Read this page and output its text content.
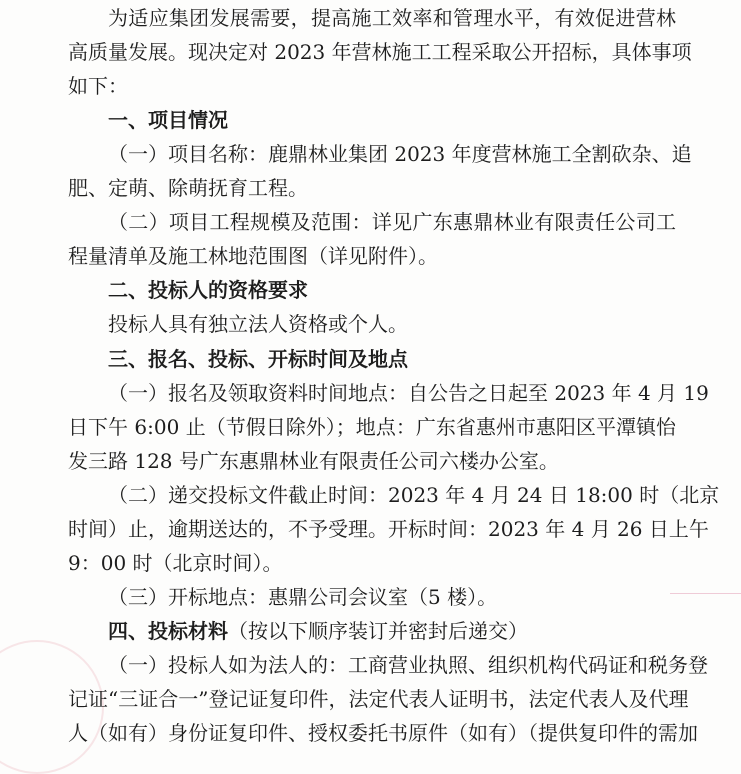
为适应集团发展需要，提高施工效率和管理水平，有效促进营林
高质量发展。现决定对 2023 年营林施工工程采取公开招标，具体事项
如下：
一、项目情况
（一）项目名称：鹿鼎林业集团 2023 年度营林施工全割砍杂、追
肥、定萌、除萌抚育工程。
（二）项目工程规模及范围：详见广东惠鼎林业有限责任公司工
程量清单及施工林地范围图（详见附件）。
二、投标人的资格要求
投标人具有独立法人资格或个人。
三、报名、投标、开标时间及地点
（一）报名及领取资料时间地点：自公告之日起至 2023 年 4 月 19
日下午 6:00 止（节假日除外）；地点：广东省惠州市惠阳区平潭镇怡
发三路 128 号广东惠鼎林业有限责任公司六楼办公室。
（二）递交投标文件截止时间：2023 年 4 月 24 日 18:00 时（北京
时间）止，逾期送达的，不予受理。开标时间：2023 年 4 月 26 日上午
9：00 时（北京时间）。
（三）开标地点：惠鼎公司会议室（5 楼）。
四、投标材料（按以下顺序装订并密封后递交）
（一）投标人如为法人的：工商营业执照、组织机构代码证和税务登
记证“三证合一”登记证复印件，法定代表人证明书，法定代表人及代理
人（如有）身份证复印件、授权委托书原件（如有）（提供复印件的需加
